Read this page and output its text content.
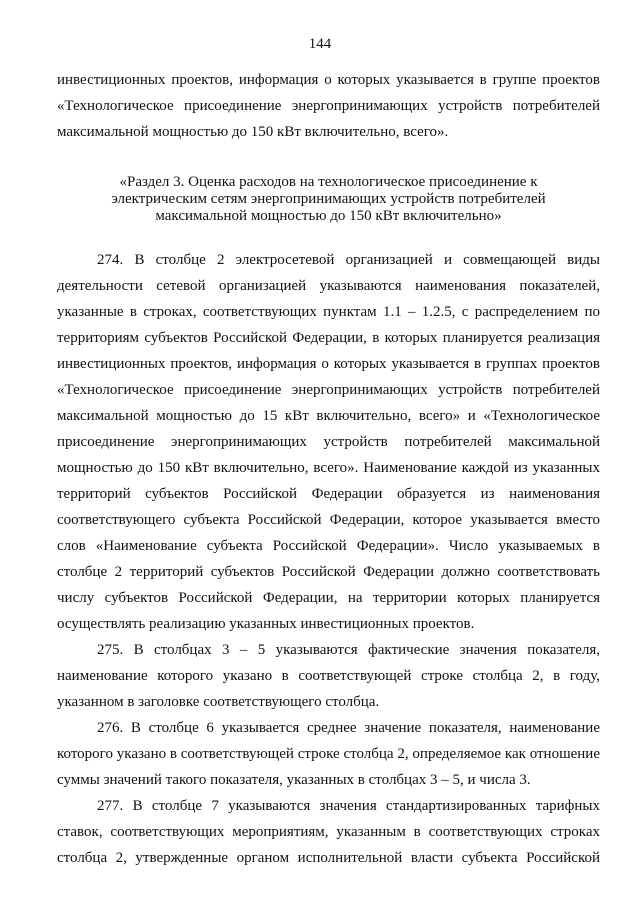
144
инвестиционных проектов, информация о которых указывается в группе проектов
«Технологическое присоединение энергопринимающих устройств потребителей
максимальной мощностью до 150 кВт включительно, всего».
«Раздел 3. Оценка расходов на технологическое присоединение к
электрическим сетям энергопринимающих устройств потребителей
максимальной мощностью до 150 кВт включительно»
274. В столбце 2 электросетевой организацией и совмещающей виды
деятельности сетевой организацией указываются наименования показателей,
указанные в строках, соответствующих пунктам 1.1 – 1.2.5, с распределением по
территориям субъектов Российской Федерации, в которых планируется реализация
инвестиционных проектов, информация о которых указывается в группах проектов
«Технологическое присоединение энергопринимающих устройств потребителей
максимальной мощностью до 15 кВт включительно, всего» и «Технологическое
присоединение энергопринимающих устройств потребителей максимальной
мощностью до 150 кВт включительно, всего». Наименование каждой из указанных
территорий субъектов Российской Федерации образуется из наименования
соответствующего субъекта Российской Федерации, которое указывается вместо
слов «Наименование субъекта Российской Федерации». Число указываемых в
столбце 2 территорий субъектов Российской Федерации должно соответствовать
числу субъектов Российской Федерации, на территории которых планируется
осуществлять реализацию указанных инвестиционных проектов.
275. В столбцах 3 – 5 указываются фактические значения показателя,
наименование которого указано в соответствующей строке столбца 2, в году,
указанном в заголовке соответствующего столбца.
276. В столбце 6 указывается среднее значение показателя, наименование
которого указано в соответствующей строке столбца 2, определяемое как отношение
суммы значений такого показателя, указанных в столбцах 3 – 5, и числа 3.
277. В столбце 7 указываются значения стандартизированных тарифных
ставок, соответствующих мероприятиям, указанным в соответствующих строках
столбца 2, утвержденные органом исполнительной власти субъекта Российской
